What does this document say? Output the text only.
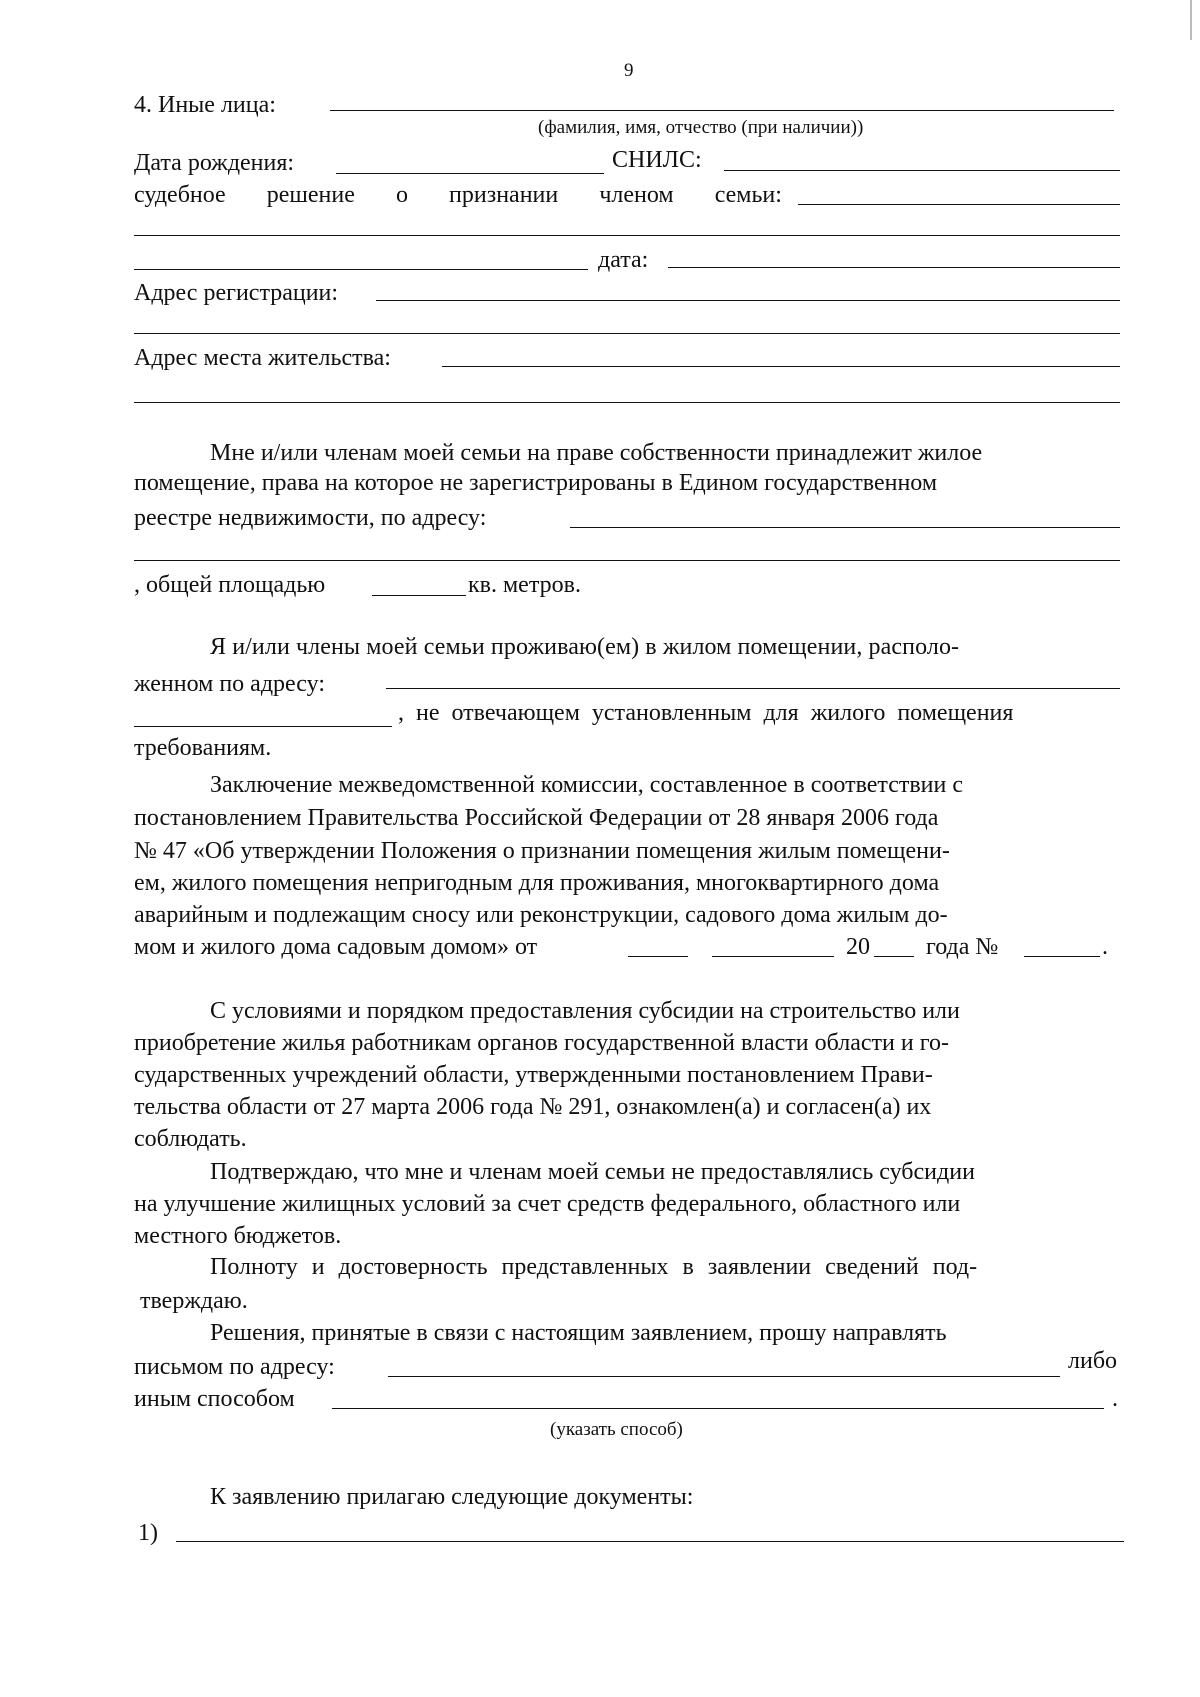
9
4. Иные лица:
(фамилия, имя, отчество (при наличии))
Дата рождения:	СНИЛС:
судебное решение о признании членом семьи:
дата:
Адрес регистрации:
Адрес места жительства:
Мне и/или членам моей семьи на праве собственности принадлежит жилое
помещение, права на которое не зарегистрированы в Едином государственном
реестре недвижимости, по адресу:
, общей площадью	кв. метров.
Я и/или члены моей семьи проживаю(ем) в жилом помещении, располо-
женном по адресу:
, не отвечающем установленным для жилого помещения
требованиям.
Заключение межведомственной комиссии, составленное в соответствии с
постановлением Правительства Российской Федерации от 28 января 2006 года
№ 47 «Об утверждении Положения о признании помещения жилым помещени-
ем, жилого помещения непригодным для проживания, многоквартирного дома
аварийным и подлежащим сносу или реконструкции, садового дома жилым до-
мом и жилого дома садовым домом» от	20 года №	.
С условиями и порядком предоставления субсидии на строительство или
приобретение жилья работникам органов государственной власти области и го-
сударственных учреждений области, утвержденными постановлением Прави-
тельства области от 27 марта 2006 года № 291, ознакомлен(а) и согласен(а) их
соблюдать.
Подтверждаю, что мне и членам моей семьи не предоставлялись субсидии
на улучшение жилищных условий за счет средств федерального, областного или
местного бюджетов.
Полноту и достоверность представленных в заявлении сведений под-
тверждаю.
Решения, принятые в связи с настоящим заявлением, прошу направлять
письмом по адресу:	либо
иным способом	.
(указать способ)
К заявлению прилагаю следующие документы:
1)
